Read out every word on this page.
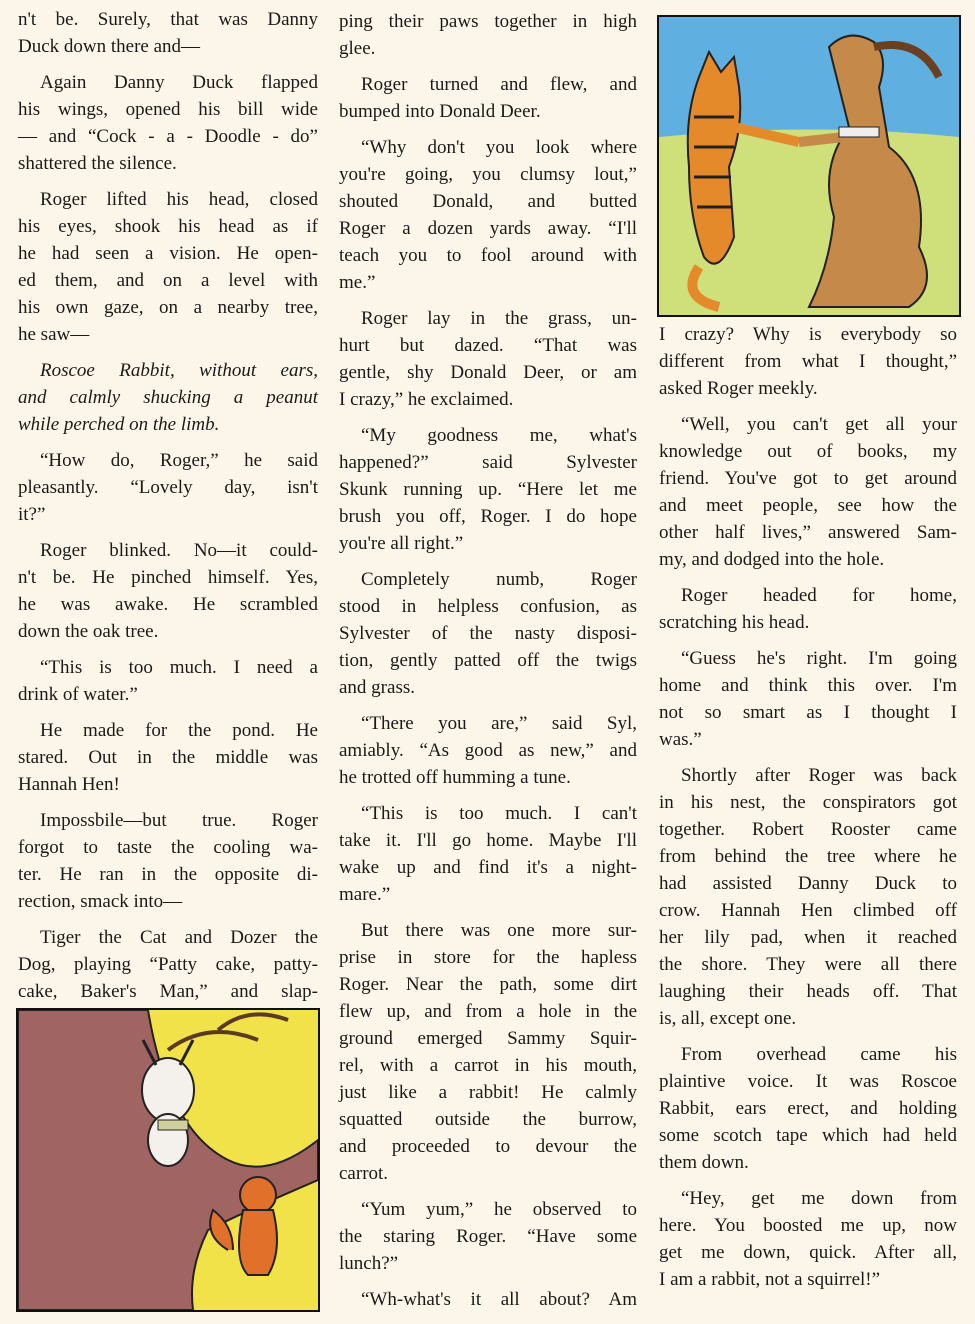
n't be. Surely, that was Danny
Duck down there and—
Again Danny Duck flapped
his wings, opened his bill wide
— and “Cock - a - Doodle - do”
shattered the silence.
Roger lifted his head, closed
his eyes, shook his head as if
he had seen a vision. He open-
ed them, and on a level with
his own gaze, on a nearby tree,
he saw—
Roscoe Rabbit, without ears,
and calmly shucking a peanut
while perched on the limb.
“How do, Roger,” he said
pleasantly. “Lovely day, isn't
it?”
Roger blinked. No—it could-
n't be. He pinched himself. Yes,
he was awake. He scrambled
down the oak tree.
“This is too much. I need a
drink of water.”
He made for the pond. He
stared. Out in the middle was
Hannah Hen!
Impossbile—but true. Roger
forgot to taste the cooling wa-
ter. He ran in the opposite di-
rection, smack into—
Tiger the Cat and Dozer the
Dog, playing “Patty cake, patty-
cake, Baker's Man,” and slap-
ping their paws together in high
glee.
Roger turned and flew, and
bumped into Donald Deer.
“Why don't you look where
you're going, you clumsy lout,”
shouted Donald, and butted
Roger a dozen yards away. “I'll
teach you to fool around with
me.”
Roger lay in the grass, un-
hurt but dazed. “That was
gentle, shy Donald Deer, or am
I crazy,” he exclaimed.
“My goodness me, what's
happened?” said Sylvester
Skunk running up. “Here let me
brush you off, Roger. I do hope
you're all right.”
Completely numb, Roger
stood in helpless confusion, as
Sylvester of the nasty disposi-
tion, gently patted off the twigs
and grass.
“There you are,” said Syl,
amiably. “As good as new,” and
he trotted off humming a tune.
“This is too much. I can't
take it. I'll go home. Maybe I'll
wake up and find it's a night-
mare.”
But there was one more sur-
prise in store for the hapless
Roger. Near the path, some dirt
flew up, and from a hole in the
ground emerged Sammy Squir-
rel, with a carrot in his mouth,
just like a rabbit! He calmly
squatted outside the burrow,
and proceeded to devour the
carrot.
“Yum yum,” he observed to
the staring Roger. “Have some
lunch?”
“Wh-what's it all about? Am
I crazy? Why is everybody so
different from what I thought,”
asked Roger meekly.
“Well, you can't get all your
knowledge out of books, my
friend. You've got to get around
and meet people, see how the
other half lives,” answered Sam-
my, and dodged into the hole.
Roger headed for home,
scratching his head.
“Guess he's right. I'm going
home and think this over. I'm
not so smart as I thought I
was.”
Shortly after Roger was back
in his nest, the conspirators got
together. Robert Rooster came
from behind the tree where he
had assisted Danny Duck to
crow. Hannah Hen climbed off
her lily pad, when it reached
the shore. They were all there
laughing their heads off. That
is, all, except one.
From overhead came his
plaintive voice. It was Roscoe
Rabbit, ears erect, and holding
some scotch tape which had held
them down.
“Hey, get me down from
here. You boosted me up, now
get me down, quick. After all,
I am a rabbit, not a squirrel!”
